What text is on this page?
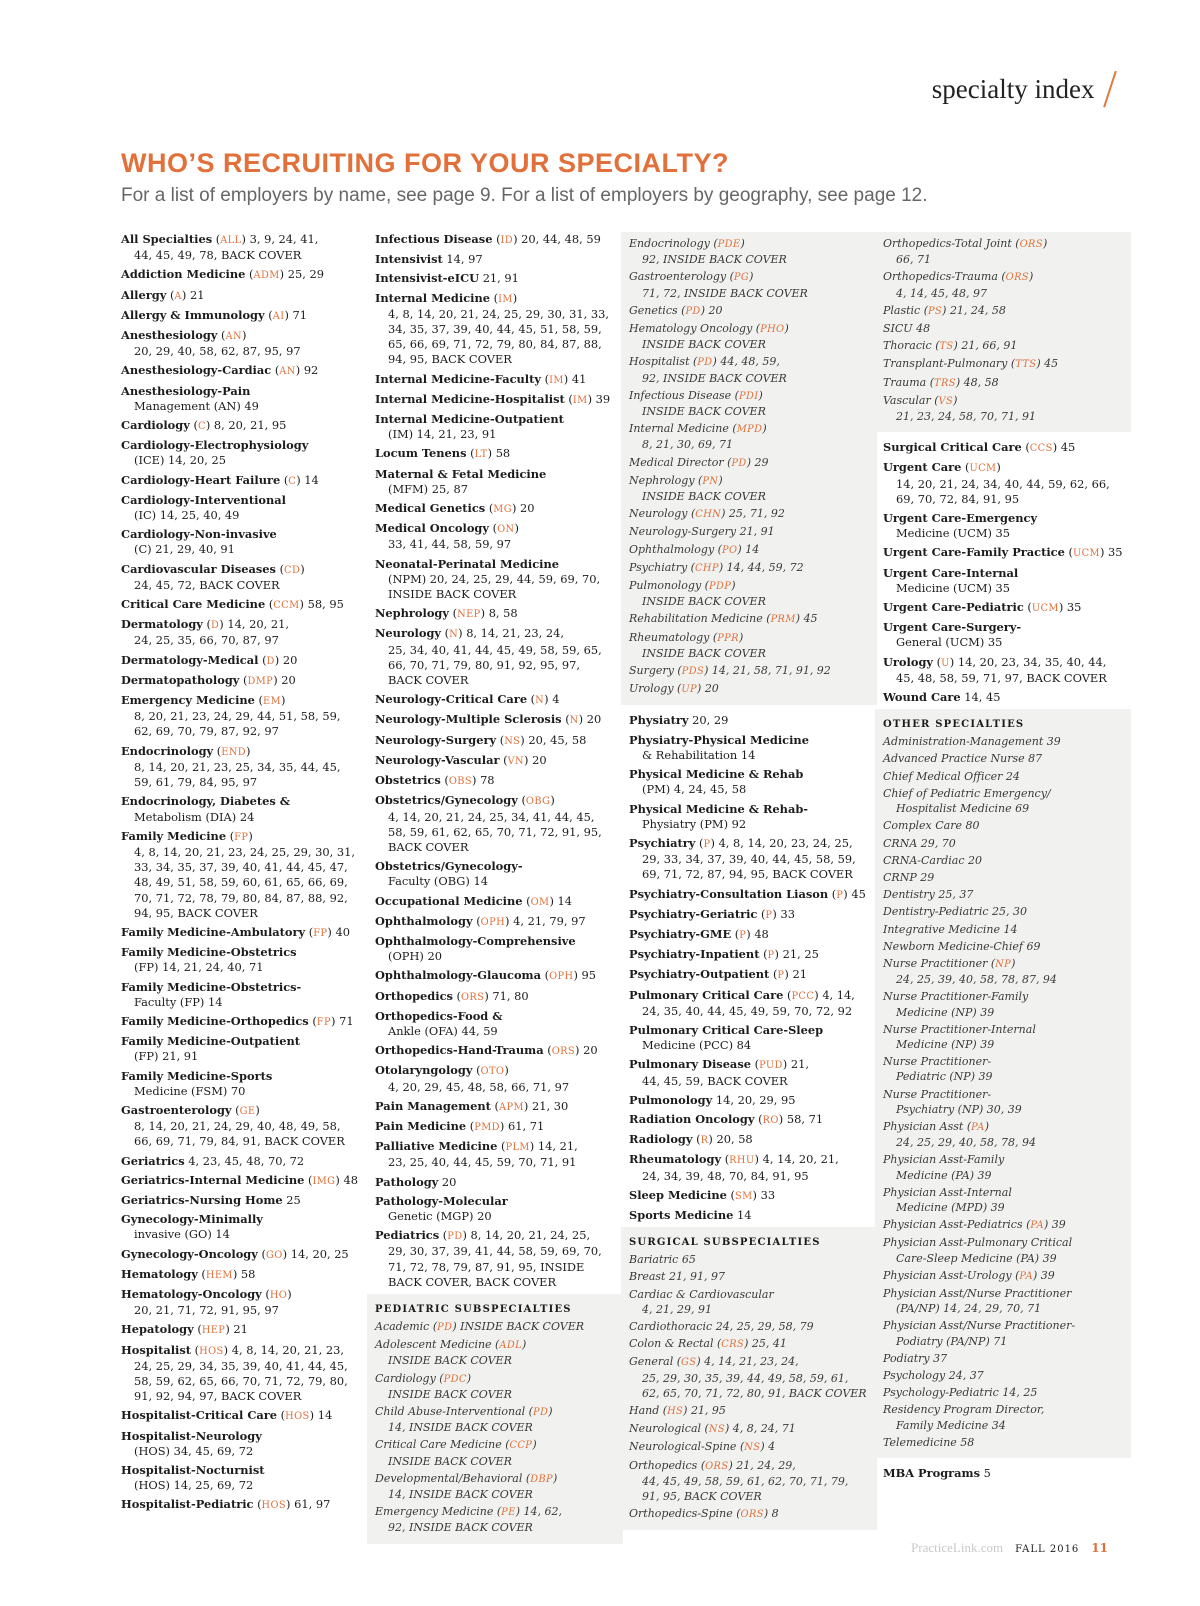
specialty index
WHO’S RECRUITING FOR YOUR SPECIALTY?
For a list of employers by name, see page 9. For a list of employers by geography, see page 12.
All Specialties (ALL) 3, 9, 24, 41,
44, 45, 49, 78, BACK COVER
Addiction Medicine (ADM) 25, 29
Allergy (A) 21
Allergy & Immunology (AI) 71
Anesthesiology (AN)
20, 29, 40, 58, 62, 87, 95, 97
Anesthesiology-Cardiac (AN) 92
Anesthesiology-Pain
Management (AN) 49
Cardiology (C) 8, 20, 21, 95
Cardiology-Electrophysiology
(ICE) 14, 20, 25
Cardiology-Heart Failure (C) 14
Cardiology-Interventional
(IC) 14, 25, 40, 49
Cardiology-Non-invasive
(C) 21, 29, 40, 91
Cardiovascular Diseases (CD)
24, 45, 72, BACK COVER
Critical Care Medicine (CCM) 58, 95
Dermatology (D) 14, 20, 21,
24, 25, 35, 66, 70, 87, 97
Dermatology-Medical (D) 20
Dermatopathology (DMP) 20
Emergency Medicine (EM)
8, 20, 21, 23, 24, 29, 44, 51, 58, 59, 62, 69, 70, 79, 87, 92, 97
Endocrinology (END)
8, 14, 20, 21, 23, 25, 34, 35, 44, 45, 59, 61, 79, 84, 95, 97
Endocrinology, Diabetes &
Metabolism (DIA) 24
Family Medicine (FP)
4, 8, 14, 20, 21, 23, 24, 25, 29, 30, 31, 33, 34, 35, 37, 39, 40, 41, 44, 45, 47, 48, 49, 51, 58, 59, 60, 61, 65, 66, 69, 70, 71, 72, 78, 79, 80, 84, 87, 88, 92, 94, 95, BACK COVER
Family Medicine-Ambulatory (FP) 40
Family Medicine-Obstetrics
(FP) 14, 21, 24, 40, 71
Family Medicine-Obstetrics-
Faculty (FP) 14
Family Medicine-Orthopedics (FP) 71
Family Medicine-Outpatient
(FP) 21, 91
Family Medicine-Sports
Medicine (FSM) 70
Gastroenterology (GE)
8, 14, 20, 21, 24, 29, 40, 48, 49, 58, 66, 69, 71, 79, 84, 91, BACK COVER
Geriatrics 4, 23, 45, 48, 70, 72
Geriatrics-Internal Medicine (IMG) 48
Geriatrics-Nursing Home 25
Gynecology-Minimally
invasive (GO) 14
Gynecology-Oncology (GO) 14, 20, 25
Hematology (HEM) 58
Hematology-Oncology (HO)
20, 21, 71, 72, 91, 95, 97
Hepatology (HEP) 21
Hospitalist (HOS) 4, 8, 14, 20, 21, 23,
24, 25, 29, 34, 35, 39, 40, 41, 44, 45, 58, 59, 62, 65, 66, 70, 71, 72, 79, 80, 91, 92, 94, 97, BACK COVER
Hospitalist-Critical Care (HOS) 14
Hospitalist-Neurology
(HOS) 34, 45, 69, 72
Hospitalist-Nocturnist
(HOS) 14, 25, 69, 72
Hospitalist-Pediatric (HOS) 61, 97
Infectious Disease (ID) 20, 44, 48, 59
Intensivist 14, 97
Intensivist-eICU 21, 91
Internal Medicine (IM)
4, 8, 14, 20, 21, 24, 25, 29, 30, 31, 33, 34, 35, 37, 39, 40, 44, 45, 51, 58, 59, 65, 66, 69, 71, 72, 79, 80, 84, 87, 88, 94, 95, BACK COVER
Internal Medicine-Faculty (IM) 41
Internal Medicine-Hospitalist (IM) 39
Internal Medicine-Outpatient
(IM) 14, 21, 23, 91
Locum Tenens (LT) 58
Maternal & Fetal Medicine
(MFM) 25, 87
Medical Genetics (MG) 20
Medical Oncology (ON)
33, 41, 44, 58, 59, 97
Neonatal-Perinatal Medicine
(NPM) 20, 24, 25, 29, 44, 59, 69, 70, INSIDE BACK COVER
Nephrology (NEP) 8, 58
Neurology (N) 8, 14, 21, 23, 24,
25, 34, 40, 41, 44, 45, 49, 58, 59, 65, 66, 70, 71, 79, 80, 91, 92, 95, 97, BACK COVER
Neurology-Critical Care (N) 4
Neurology-Multiple Sclerosis (N) 20
Neurology-Surgery (NS) 20, 45, 58
Neurology-Vascular (VN) 20
Obstetrics (OBS) 78
Obstetrics/Gynecology (OBG)
4, 14, 20, 21, 24, 25, 34, 41, 44, 45, 58, 59, 61, 62, 65, 70, 71, 72, 91, 95, BACK COVER
Obstetrics/Gynecology-
Faculty (OBG) 14
Occupational Medicine (OM) 14
Ophthalmology (OPH) 4, 21, 79, 97
Ophthalmology-Comprehensive
(OPH) 20
Ophthalmology-Glaucoma (OPH) 95
Orthopedics (ORS) 71, 80
Orthopedics-Food &
Ankle (OFA) 44, 59
Orthopedics-Hand-Trauma (ORS) 20
Otolaryngology (OTO)
4, 20, 29, 45, 48, 58, 66, 71, 97
Pain Management (APM) 21, 30
Pain Medicine (PMD) 61, 71
Palliative Medicine (PLM) 14, 21,
23, 25, 40, 44, 45, 59, 70, 71, 91
Pathology 20
Pathology-Molecular
Genetic (MGP) 20
Pediatrics (PD) 8, 14, 20, 21, 24, 25,
29, 30, 37, 39, 41, 44, 58, 59, 69, 70, 71, 72, 78, 79, 87, 91, 95, INSIDE BACK COVER, BACK COVER
PEDIATRIC SUBSPECIALTIES
Academic (PD) INSIDE BACK COVER
Adolescent Medicine (ADL)
INSIDE BACK COVER
Cardiology (PDC)
INSIDE BACK COVER
Child Abuse-Interventional (PD)
14, INSIDE BACK COVER
Critical Care Medicine (CCP)
INSIDE BACK COVER
Developmental/Behavioral (DBP)
14, INSIDE BACK COVER
Emergency Medicine (PE) 14, 62,
92, INSIDE BACK COVER
Endocrinology (PDE)
92, INSIDE BACK COVER
Gastroenterology (PG)
71, 72, INSIDE BACK COVER
Genetics (PD) 20
Hematology Oncology (PHO)
INSIDE BACK COVER
Hospitalist (PD) 44, 48, 59,
92, INSIDE BACK COVER
Infectious Disease (PDI)
INSIDE BACK COVER
Internal Medicine (MPD)
8, 21, 30, 69, 71
Medical Director (PD) 29
Nephrology (PN)
INSIDE BACK COVER
Neurology (CHN) 25, 71, 92
Neurology-Surgery 21, 91
Ophthalmology (PO) 14
Psychiatry (CHP) 14, 44, 59, 72
Pulmonology (PDP)
INSIDE BACK COVER
Rehabilitation Medicine (PRM) 45
Rheumatology (PPR)
INSIDE BACK COVER
Surgery (PDS) 14, 21, 58, 71, 91, 92
Urology (UP) 20
Physiatry 20, 29
Physiatry-Physical Medicine
& Rehabilitation 14
Physical Medicine & Rehab
(PM) 4, 24, 45, 58
Physical Medicine & Rehab-
Physiatry (PM) 92
Psychiatry (P) 4, 8, 14, 20, 23, 24, 25,
29, 33, 34, 37, 39, 40, 44, 45, 58, 59, 69, 71, 72, 87, 94, 95, BACK COVER
Psychiatry-Consultation Liason (P) 45
Psychiatry-Geriatric (P) 33
Psychiatry-GME (P) 48
Psychiatry-Inpatient (P) 21, 25
Psychiatry-Outpatient (P) 21
Pulmonary Critical Care (PCC) 4, 14,
24, 35, 40, 44, 45, 49, 59, 70, 72, 92
Pulmonary Critical Care-Sleep
Medicine (PCC) 84
Pulmonary Disease (PUD) 21,
44, 45, 59, BACK COVER
Pulmonology 14, 20, 29, 95
Radiation Oncology (RO) 58, 71
Radiology (R) 20, 58
Rheumatology (RHU) 4, 14, 20, 21,
24, 34, 39, 48, 70, 84, 91, 95
Sleep Medicine (SM) 33
Sports Medicine 14
SURGICAL SUBSPECIALTIES
Bariatric 65
Breast 21, 91, 97
Cardiac & Cardiovascular
4, 21, 29, 91
Cardiothoracic 24, 25, 29, 58, 79
Colon & Rectal (CRS) 25, 41
General (GS) 4, 14, 21, 23, 24,
25, 29, 30, 35, 39, 44, 49, 58, 59, 61, 62, 65, 70, 71, 72, 80, 91, BACK COVER
Hand (HS) 21, 95
Neurological (NS) 4, 8, 24, 71
Neurological-Spine (NS) 4
Orthopedics (ORS) 21, 24, 29,
44, 45, 49, 58, 59, 61, 62, 70, 71, 79, 91, 95, BACK COVER
Orthopedics-Spine (ORS) 8
Orthopedics-Total Joint (ORS)
66, 71
Orthopedics-Trauma (ORS)
4, 14, 45, 48, 97
Plastic (PS) 21, 24, 58
SICU 48
Thoracic (TS) 21, 66, 91
Transplant-Pulmonary (TTS) 45
Trauma (TRS) 48, 58
Vascular (VS)
21, 23, 24, 58, 70, 71, 91
Surgical Critical Care (CCS) 45
Urgent Care (UCM)
14, 20, 21, 24, 34, 40, 44, 59, 62, 66, 69, 70, 72, 84, 91, 95
Urgent Care-Emergency
Medicine (UCM) 35
Urgent Care-Family Practice (UCM) 35
Urgent Care-Internal
Medicine (UCM) 35
Urgent Care-Pediatric (UCM) 35
Urgent Care-Surgery-
General (UCM) 35
Urology (U) 14, 20, 23, 34, 35, 40, 44,
45, 48, 58, 59, 71, 97, BACK COVER
Wound Care 14, 45
OTHER SPECIALTIES
Administration-Management 39
Advanced Practice Nurse 87
Chief Medical Officer 24
Chief of Pediatric Emergency/
Hospitalist Medicine 69
Complex Care 80
CRNA 29, 70
CRNA-Cardiac 20
CRNP 29
Dentistry 25, 37
Dentistry-Pediatric 25, 30
Integrative Medicine 14
Newborn Medicine-Chief 69
Nurse Practitioner (NP)
24, 25, 39, 40, 58, 78, 87, 94
Nurse Practitioner-Family
Medicine (NP) 39
Nurse Practitioner-Internal
Medicine (NP) 39
Nurse Practitioner-
Pediatric (NP) 39
Nurse Practitioner-
Psychiatry (NP) 30, 39
Physician Asst (PA)
24, 25, 29, 40, 58, 78, 94
Physician Asst-Family
Medicine (PA) 39
Physician Asst-Internal
Medicine (MPD) 39
Physician Asst-Pediatrics (PA) 39
Physician Asst-Pulmonary Critical
Care-Sleep Medicine (PA) 39
Physician Asst-Urology (PA) 39
Physician Asst/Nurse Practitioner
(PA/NP) 14, 24, 29, 70, 71
Physician Asst/Nurse Practitioner-
Podiatry (PA/NP) 71
Podiatry 37
Psychology 24, 37
Psychology-Pediatric 14, 25
Residency Program Director,
Family Medicine 34
Telemedicine 58
MBA Programs 5
PracticeLink.com FALL 2016 11
